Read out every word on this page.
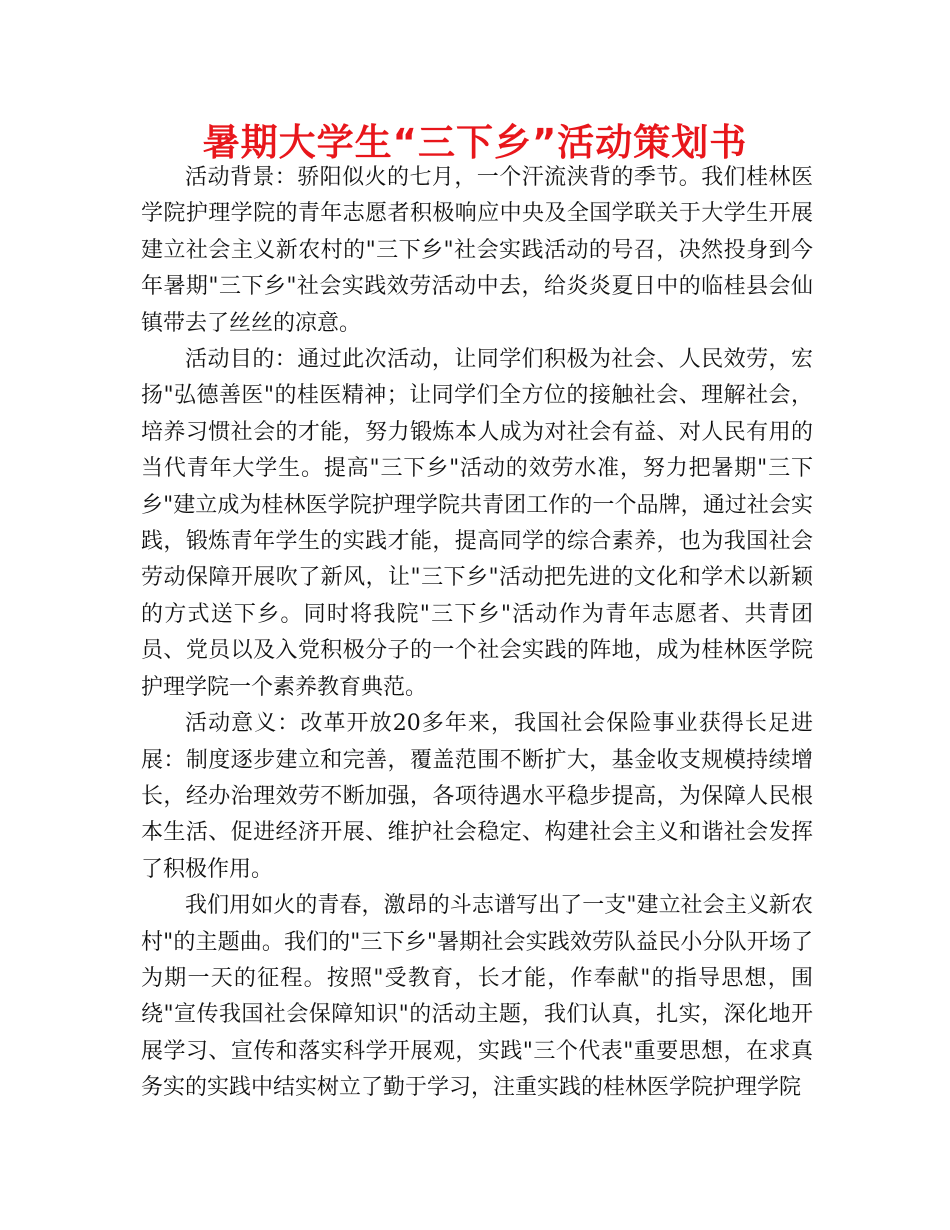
暑期大学生“三下乡”活动策划书

活动背景：骄阳似火的七月，一个汗流浃背的季节。我们桂林医学院护理学院的青年志愿者积极响应中央及全国学联关于大学生开展建立社会主义新农村的"三下乡"社会实践活动的号召，决然投身到今年暑期"三下乡"社会实践效劳活动中去，给炎炎夏日中的临桂县会仙镇带去了丝丝的凉意。

活动目的：通过此次活动，让同学们积极为社会、人民效劳，宏扬"弘德善医"的桂医精神；让同学们全方位的接触社会、理解社会，培养习惯社会的才能，努力锻炼本人成为对社会有益、对人民有用的当代青年大学生。提高"三下乡"活动的效劳水准，努力把暑期"三下乡"建立成为桂林医学院护理学院共青团工作的一个品牌，通过社会实践，锻炼青年学生的实践才能，提高同学的综合素养，也为我国社会劳动保障开展吹了新风，让"三下乡"活动把先进的文化和学术以新颖的方式送下乡。同时将我院"三下乡"活动作为青年志愿者、共青团员、党员以及入党积极分子的一个社会实践的阵地，成为桂林医学院护理学院一个素养教育典范。

活动意义：改革开放20多年来，我国社会保险事业获得长足进展：制度逐步建立和完善，覆盖范围不断扩大，基金收支规模持续增长，经办治理效劳不断加强，各项待遇水平稳步提高，为保障人民根本生活、促进经济开展、维护社会稳定、构建社会主义和谐社会发挥了积极作用。

我们用如火的青春，激昂的斗志谱写出了一支"建立社会主义新农村"的主题曲。我们的"三下乡"暑期社会实践效劳队益民小分队开场了为期一天的征程。按照"受教育，长才能，作奉献"的指导思想，围绕"宣传我国社会保障知识"的活动主题，我们认真，扎实，深化地开展学习、宣传和落实科学开展观，实践"三个代表"重要思想，在求真务实的实践中结实树立了勤于学习，注重实践的桂林医学院护理学院
